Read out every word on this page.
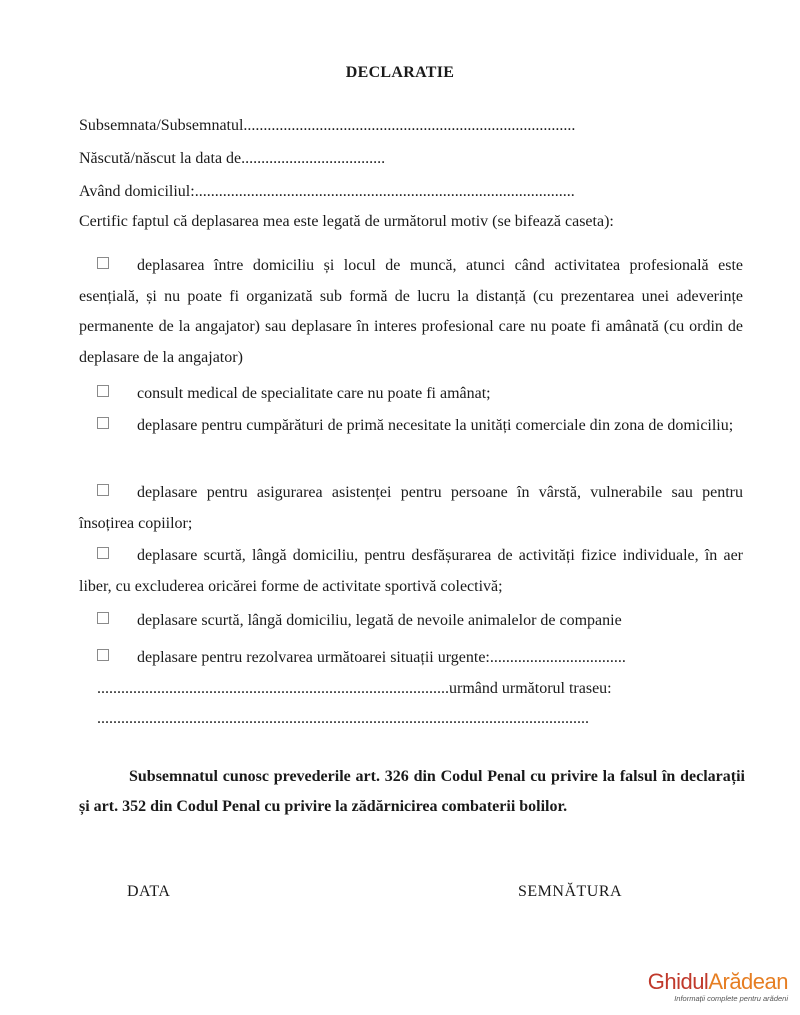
DECLARATIE
Subsemnata/Subsemnatul...................................................................................
Născută/născut la data de....................................
Având domiciliul:...............................................................................................
Certific faptul că deplasarea mea este legată de următorul motiv (se bifează caseta):
deplasarea între domiciliu și locul de muncă, atunci când activitatea profesională este esențială, și nu poate fi organizată sub formă de lucru la distanță (cu prezentarea unei adeverințe permanente de la angajator) sau deplasare în interes profesional care nu poate fi amânată (cu ordin de deplasare de la angajator)
consult medical de specialitate care nu poate fi amânat;
deplasare pentru cumpărături de primă necesitate la unități comerciale din zona de domiciliu;
deplasare pentru asigurarea asistenței pentru persoane în vârstă, vulnerabile sau pentru însoțirea copiilor;
deplasare scurtă, lângă domiciliu, pentru desfășurarea de activități fizice individuale, în aer liber, cu excluderea oricărei forme de activitate sportivă colectivă;
deplasare scurtă, lângă domiciliu, legată de nevoile animalelor de companie
deplasare pentru rezolvarea următoarei situații urgente:..................................
........................................................................................urmând următorul traseu:
...........................................................................................................................
Subsemnatul cunosc prevederile art. 326 din Codul Penal cu privire la falsul în declarații și art. 352 din Codul Penal cu privire la zădărnicirea combaterii bolilor.
DATA	SEMNĂTURA
GhidulArădean
Informații complete pentru arădeni
